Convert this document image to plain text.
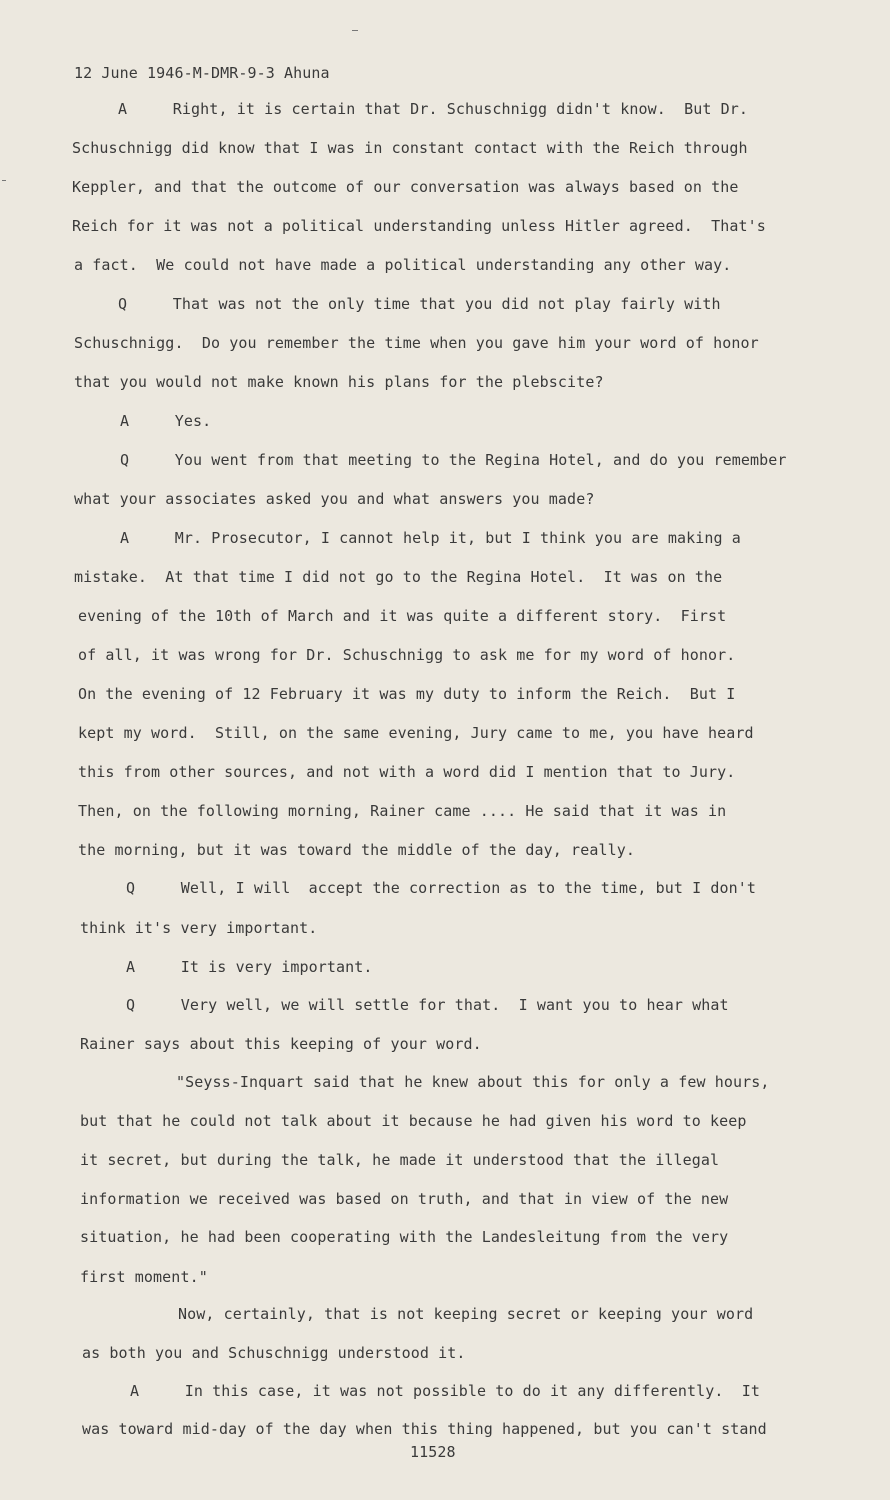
12 June 1946-M-DMR-9-3 Ahuna
A     Right, it is certain that Dr. Schuschnigg didn't know.  But Dr.
Schuschnigg did know that I was in constant contact with the Reich through
Keppler, and that the outcome of our conversation was always based on the
Reich for it was not a political understanding unless Hitler agreed.  That's
a fact.  We could not have made a political understanding any other way.
Q     That was not the only time that you did not play fairly with
Schuschnigg.  Do you remember the time when you gave him your word of honor
that you would not make known his plans for the plebscite?
A     Yes.
Q     You went from that meeting to the Regina Hotel, and do you remember
what your associates asked you and what answers you made?
A     Mr. Prosecutor, I cannot help it, but I think you are making a
mistake.  At that time I did not go to the Regina Hotel.  It was on the
evening of the 10th of March and it was quite a different story.  First
of all, it was wrong for Dr. Schuschnigg to ask me for my word of honor.
On the evening of 12 February it was my duty to inform the Reich.  But I
kept my word.  Still, on the same evening, Jury came to me, you have heard
this from other sources, and not with a word did I mention that to Jury.
Then, on the following morning, Rainer came .... He said that it was in
the morning, but it was toward the middle of the day, really.
Q     Well, I will  accept the correction as to the time, but I don't
think it's very important.
A     It is very important.
Q     Very well, we will settle for that.  I want you to hear what
Rainer says about this keeping of your word.
"Seyss-Inquart said that he knew about this for only a few hours,
but that he could not talk about it because he had given his word to keep
it secret, but during the talk, he made it understood that the illegal
information we received was based on truth, and that in view of the new
situation, he had been cooperating with the Landesleitung from the very
first moment."
Now, certainly, that is not keeping secret or keeping your word
as both you and Schuschnigg understood it.
A     In this case, it was not possible to do it any differently.  It
was toward mid-day of the day when this thing happened, but you can't stand
11528
